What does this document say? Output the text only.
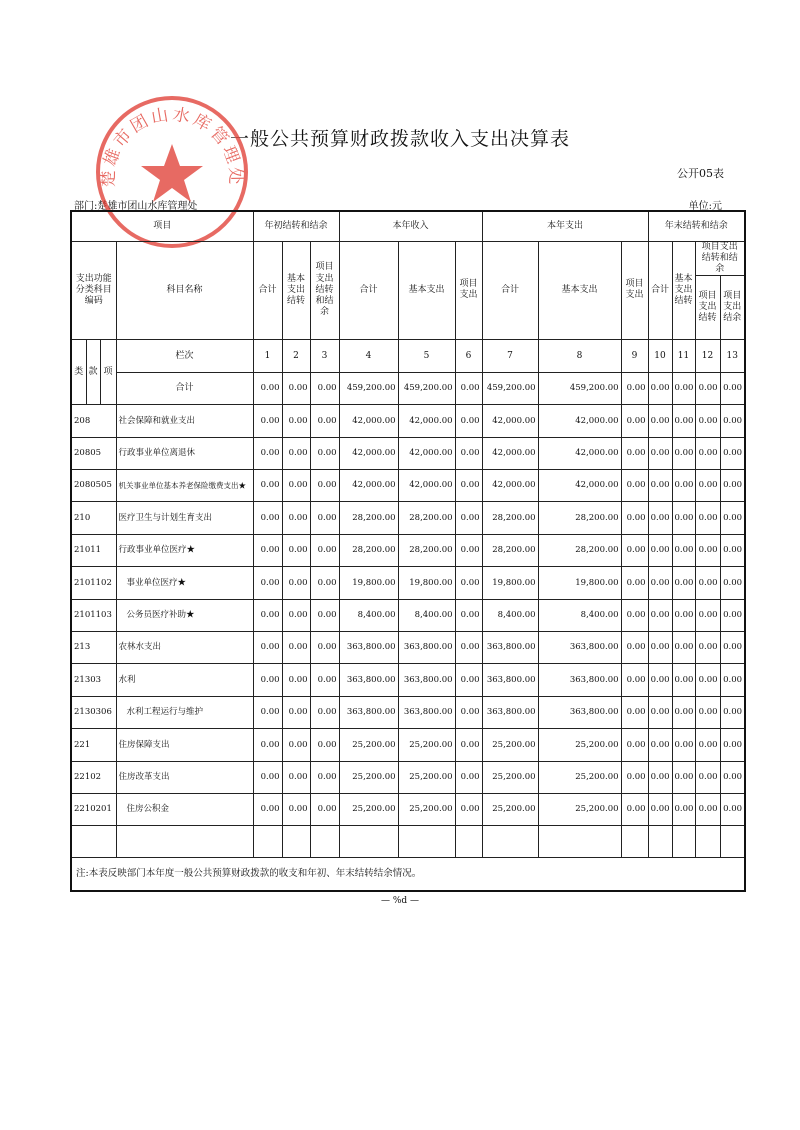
一般公共预算财政拨款收入支出决算表
公开05表
部门:楚雄市团山水库管理处	单位:元
楚雄市团山水库管理处
项目				年初结转和结余			本年收入			本年支出			年末结转和结余			
支出功能分类科目编码			科目名称	合计	基本支出结转	项目支出结转和结余	合计	基本支出	项目支出	合计	基本支出	项目支出	合计	基本支出结转	项目支出结转和结余	
															项目支出结转	项目支出结余
类	款	项	栏次	1	2	3	4	5	6	7	8	9	10	11	12	13
			合计	0.00	0.00	0.00	459,200.00	459,200.00	0.00	459,200.00	459,200.00	0.00	0.00	0.00	0.00	0.00
208			社会保障和就业支出	0.00	0.00	0.00	42,000.00	42,000.00	0.00	42,000.00	42,000.00	0.00	0.00	0.00	0.00	0.00
20805			行政事业单位离退休	0.00	0.00	0.00	42,000.00	42,000.00	0.00	42,000.00	42,000.00	0.00	0.00	0.00	0.00	0.00
2080505			机关事业单位基本养老保险缴费支出★	0.00	0.00	0.00	42,000.00	42,000.00	0.00	42,000.00	42,000.00	0.00	0.00	0.00	0.00	0.00
210			医疗卫生与计划生育支出	0.00	0.00	0.00	28,200.00	28,200.00	0.00	28,200.00	28,200.00	0.00	0.00	0.00	0.00	0.00
21011			行政事业单位医疗★	0.00	0.00	0.00	28,200.00	28,200.00	0.00	28,200.00	28,200.00	0.00	0.00	0.00	0.00	0.00
2101102			事业单位医疗★	0.00	0.00	0.00	19,800.00	19,800.00	0.00	19,800.00	19,800.00	0.00	0.00	0.00	0.00	0.00
2101103			公务员医疗补助★	0.00	0.00	0.00	8,400.00	8,400.00	0.00	8,400.00	8,400.00	0.00	0.00	0.00	0.00	0.00
213			农林水支出	0.00	0.00	0.00	363,800.00	363,800.00	0.00	363,800.00	363,800.00	0.00	0.00	0.00	0.00	0.00
21303			水利	0.00	0.00	0.00	363,800.00	363,800.00	0.00	363,800.00	363,800.00	0.00	0.00	0.00	0.00	0.00
2130306			水利工程运行与维护	0.00	0.00	0.00	363,800.00	363,800.00	0.00	363,800.00	363,800.00	0.00	0.00	0.00	0.00	0.00
221			住房保障支出	0.00	0.00	0.00	25,200.00	25,200.00	0.00	25,200.00	25,200.00	0.00	0.00	0.00	0.00	0.00
22102			住房改革支出	0.00	0.00	0.00	25,200.00	25,200.00	0.00	25,200.00	25,200.00	0.00	0.00	0.00	0.00	0.00
2210201			住房公积金	0.00	0.00	0.00	25,200.00	25,200.00	0.00	25,200.00	25,200.00	0.00	0.00	0.00	0.00	0.00

注:本表反映部门本年度一般公共预算财政拨款的收支和年初、年末结转结余情况。																
— %d —
